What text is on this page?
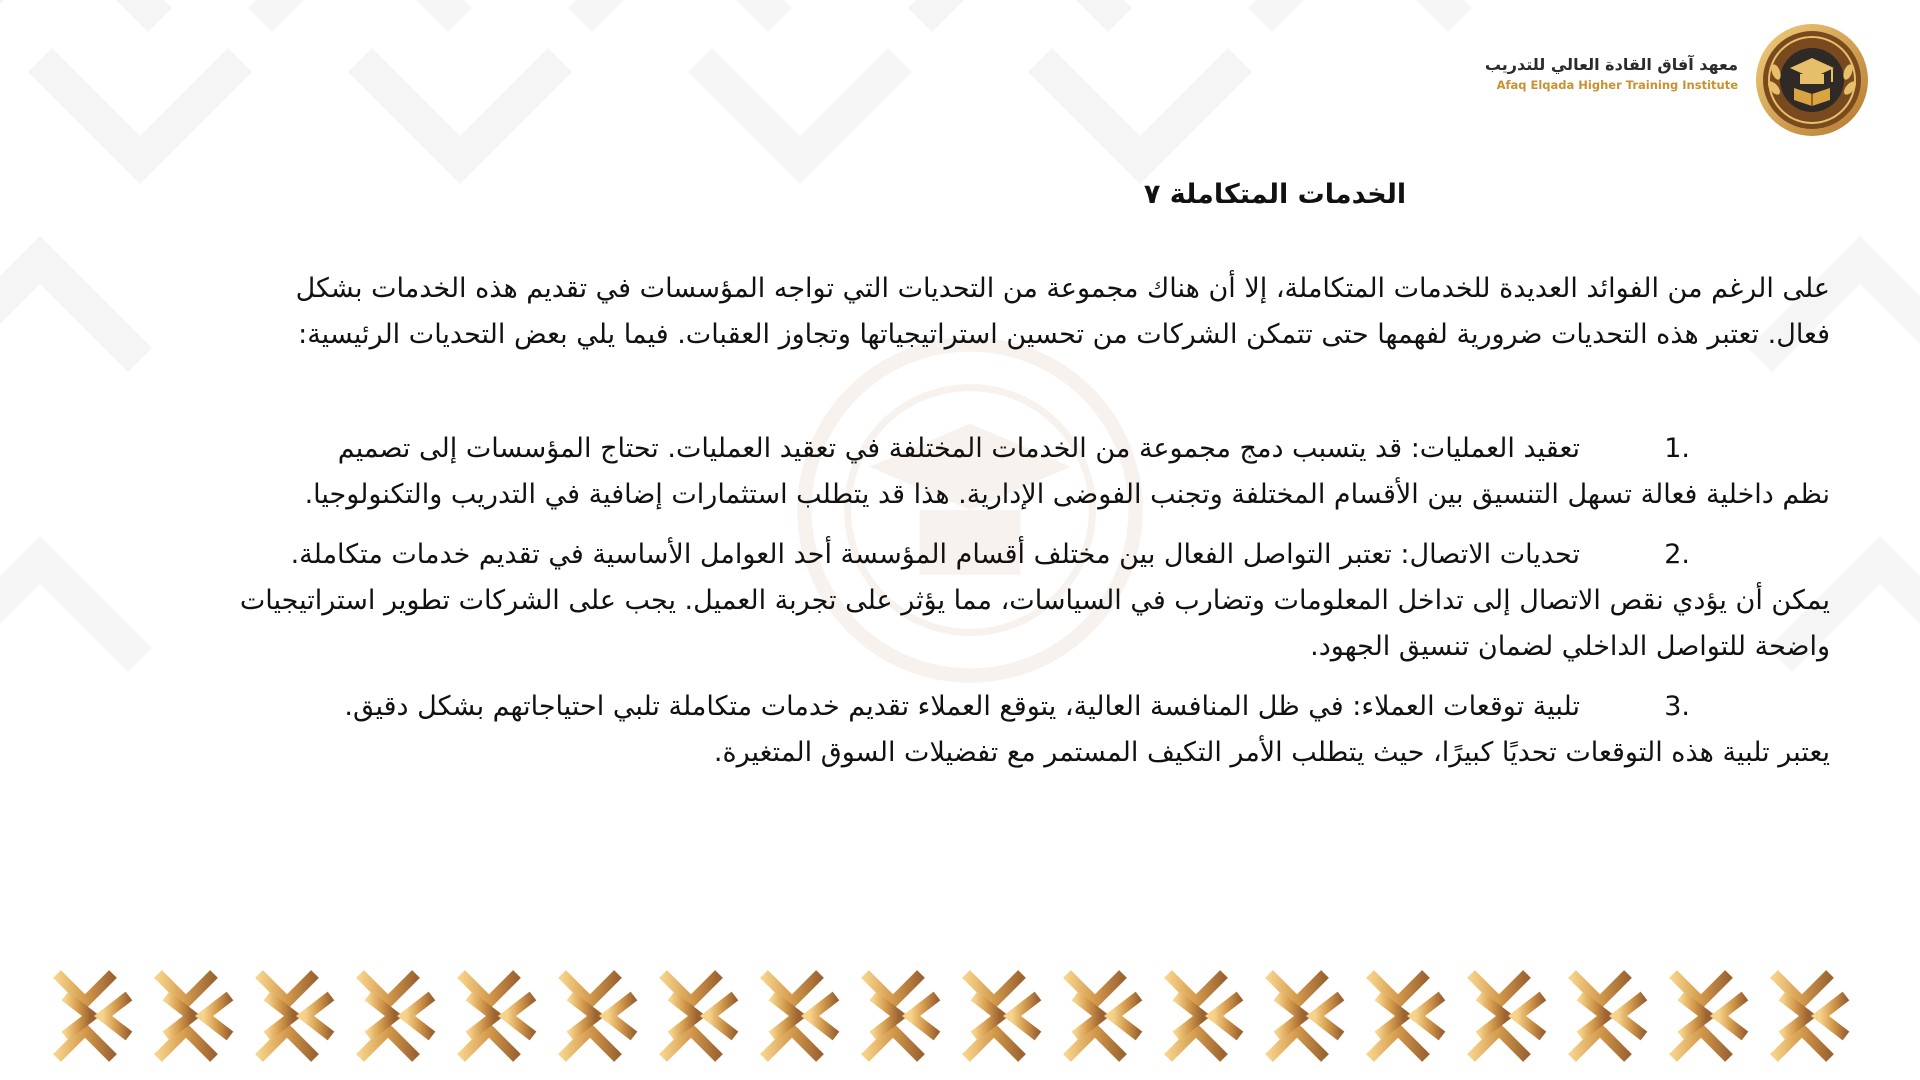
معهد آفاق القادة العالي للتدريب
Afaq Elqada Higher Training Institute
الخدمات المتكاملة ٧

على الرغم من الفوائد العديدة للخدمات المتكاملة، إلا أن هناك مجموعة من التحديات التي تواجه المؤسسات في تقديم هذه الخدمات بشكل
فعال. تعتبر هذه التحديات ضرورية لفهمها حتى تتمكن الشركات من تحسين استراتيجياتها وتجاوز العقبات. فيما يلي بعض التحديات الرئيسية:

1.تعقيد العمليات: قد يتسبب دمج مجموعة من الخدمات المختلفة في تعقيد العمليات. تحتاج المؤسسات إلى تصميم
نظم داخلية فعالة تسهل التنسيق بين الأقسام المختلفة وتجنب الفوضى الإدارية. هذا قد يتطلب استثمارات إضافية في التدريب والتكنولوجيا.
2.تحديات الاتصال: تعتبر التواصل الفعال بين مختلف أقسام المؤسسة أحد العوامل الأساسية في تقديم خدمات متكاملة.
يمكن أن يؤدي نقص الاتصال إلى تداخل المعلومات وتضارب في السياسات، مما يؤثر على تجربة العميل. يجب على الشركات تطوير استراتيجيات
واضحة للتواصل الداخلي لضمان تنسيق الجهود.
3.تلبية توقعات العملاء: في ظل المنافسة العالية، يتوقع العملاء تقديم خدمات متكاملة تلبي احتياجاتهم بشكل دقيق.
يعتبر تلبية هذه التوقعات تحديًا كبيرًا، حيث يتطلب الأمر التكيف المستمر مع تفضيلات السوق المتغيرة.
